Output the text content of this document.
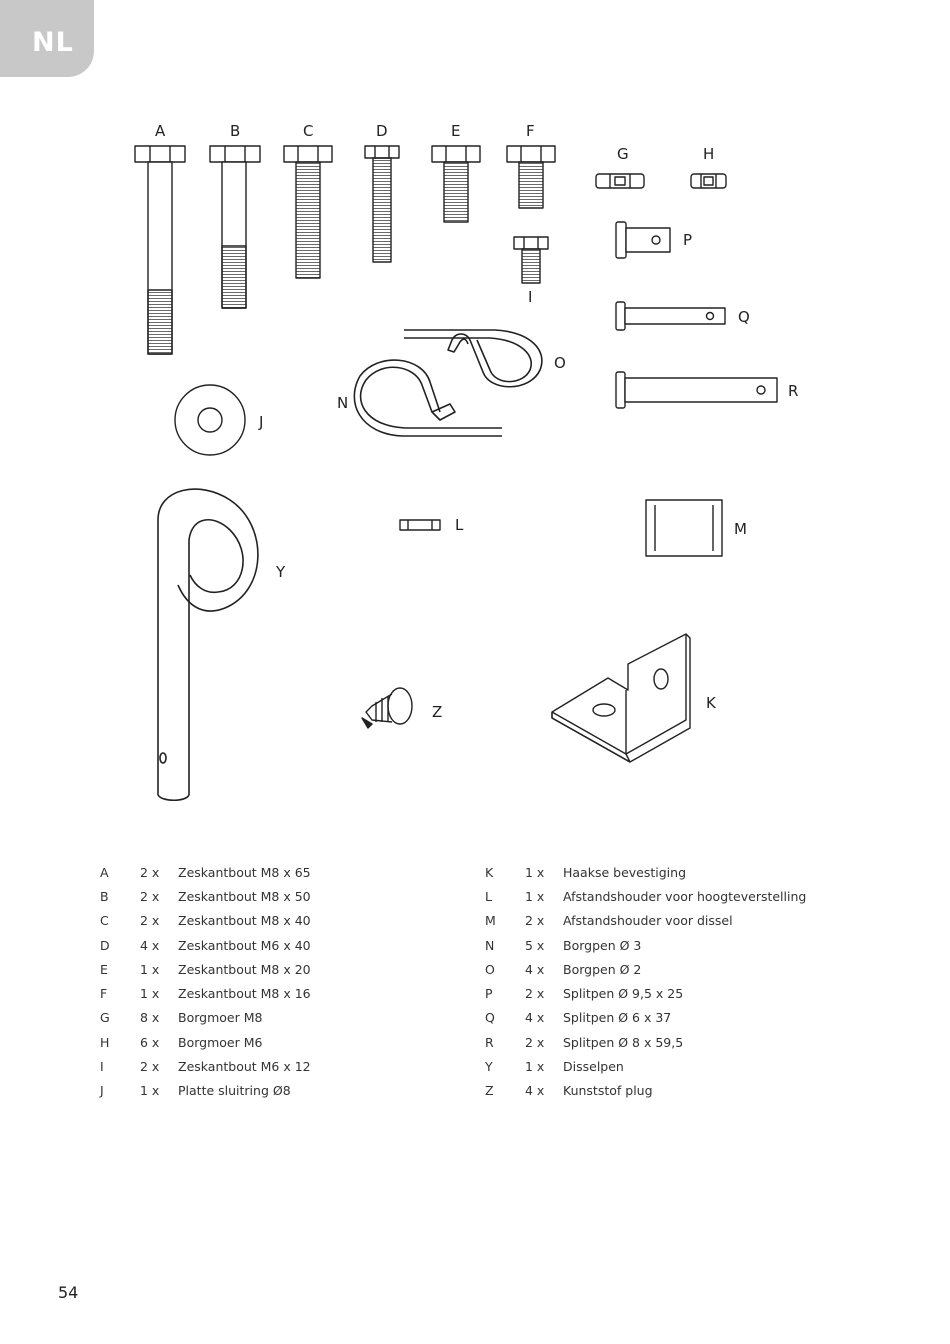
NL
A	B	C	D	E	F
G	H
I
J
K
L	M
N
O
P
Q
R
Y
Z
A	2 x	Zeskantbout M8 x 65
B	2 x	Zeskantbout M8 x 50
C	2 x	Zeskantbout M8 x 40
D	4 x	Zeskantbout M6 x 40
E	1 x	Zeskantbout M8 x 20
F	1 x	Zeskantbout M8 x 16
G	8 x	Borgmoer M8
H	6 x	Borgmoer M6
I	2 x	Zeskantbout M6 x 12
J	1 x	Platte sluitring Ø8
K	1 x	Haakse bevestiging
L	1 x	Afstandshouder voor hoogteverstelling
M	2 x	Afstandshouder voor dissel
N	5 x	Borgpen Ø 3
O	4 x	Borgpen Ø 2
P	2 x	Splitpen Ø 9,5 x 25
Q	4 x	Splitpen Ø 6 x 37
R	2 x	Splitpen Ø 8 x 59,5
Y	1 x	Disselpen
Z	4 x	Kunststof plug
54
